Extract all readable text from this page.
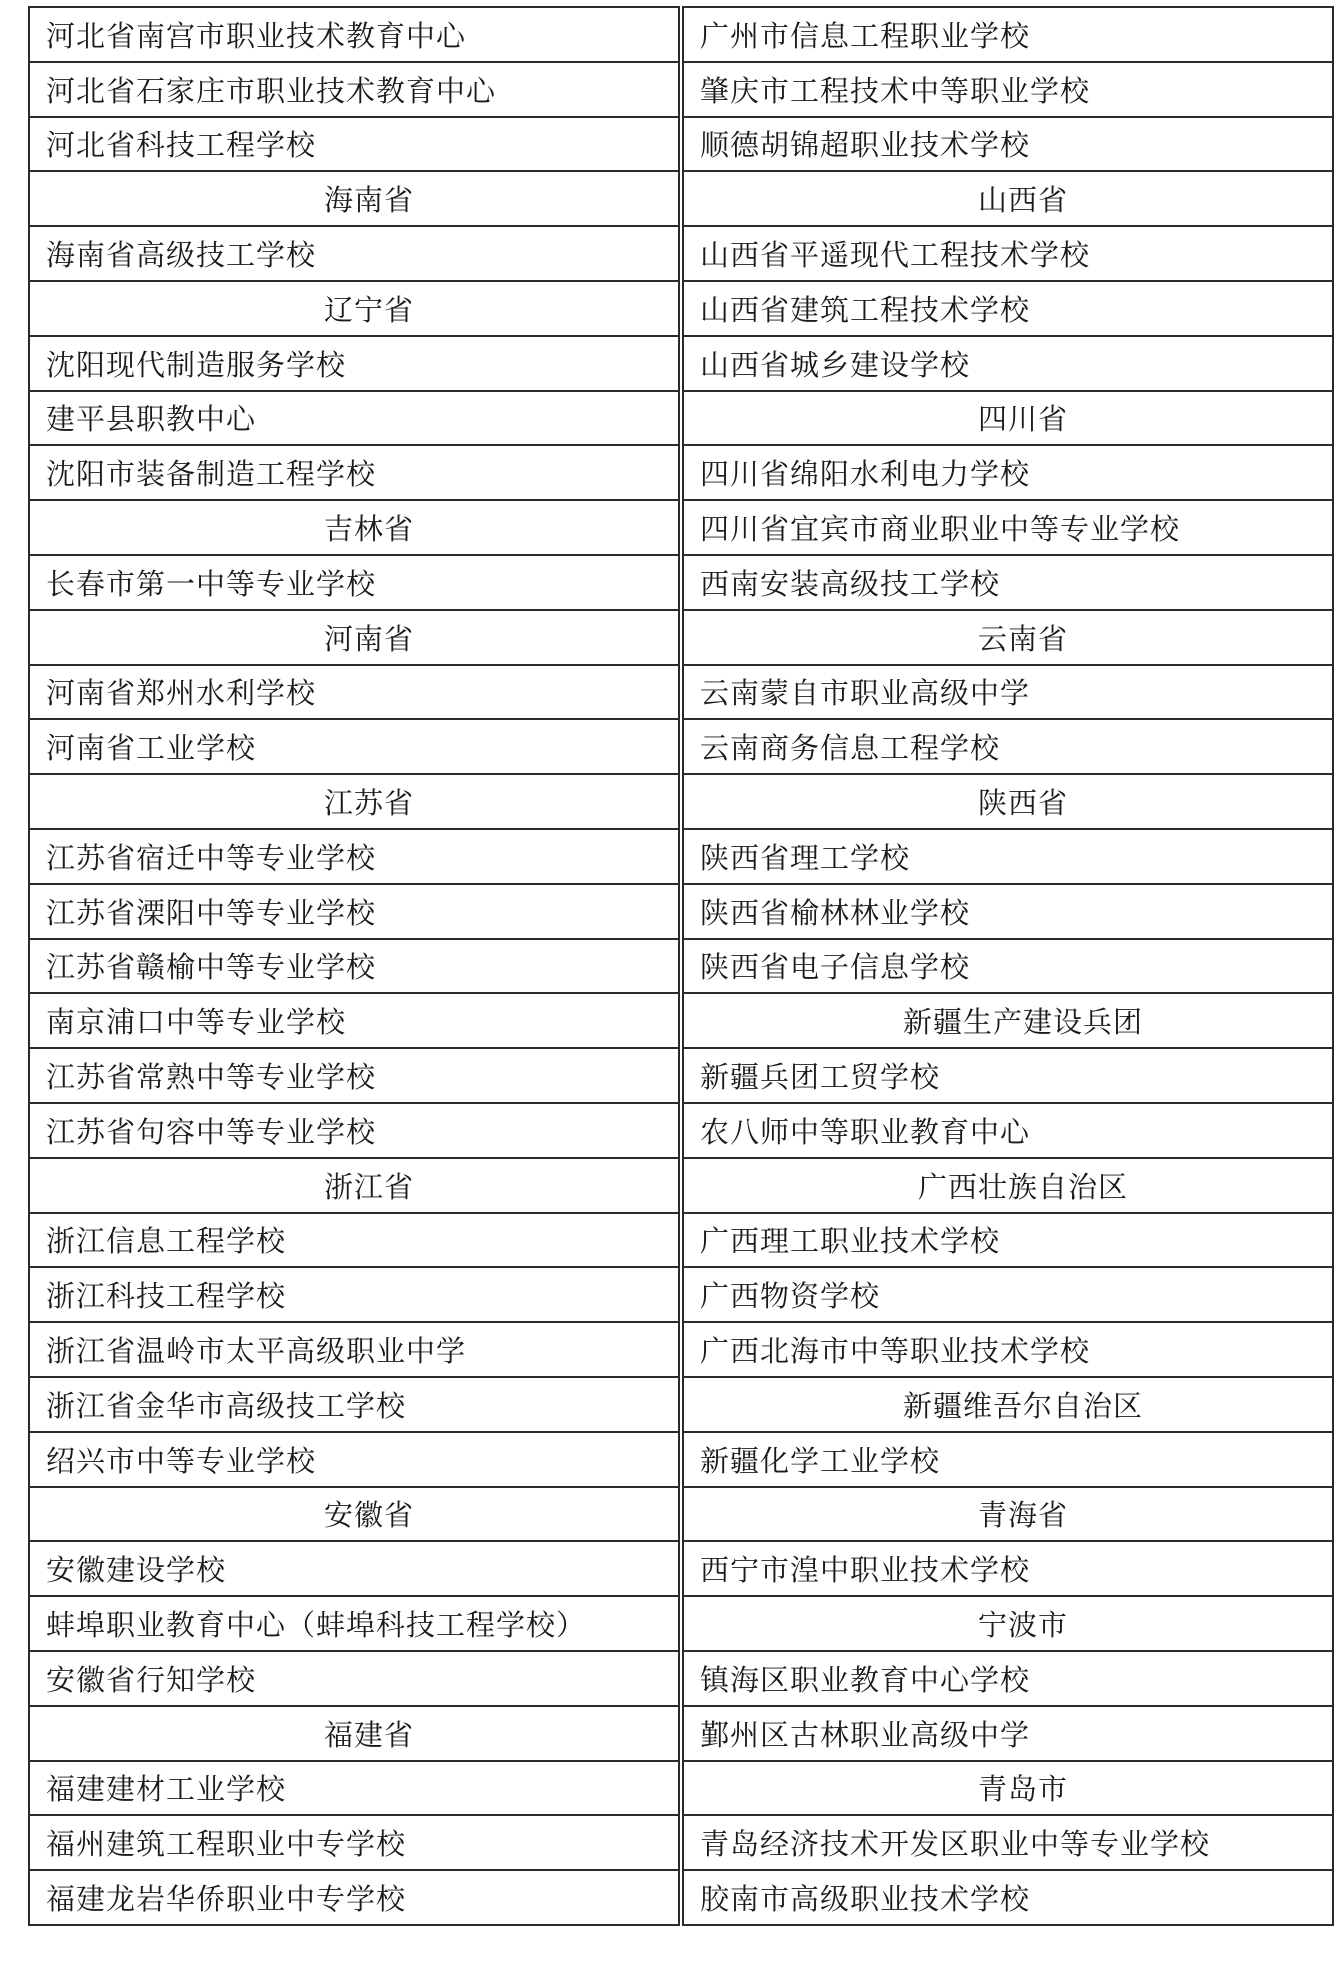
河北省南宫市职业技术教育中心
河北省石家庄市职业技术教育中心
河北省科技工程学校
海南省
海南省高级技工学校
辽宁省
沈阳现代制造服务学校
建平县职教中心
沈阳市装备制造工程学校
吉林省
长春市第一中等专业学校
河南省
河南省郑州水利学校
河南省工业学校
江苏省
江苏省宿迁中等专业学校
江苏省溧阳中等专业学校
江苏省赣榆中等专业学校
南京浦口中等专业学校
江苏省常熟中等专业学校
江苏省句容中等专业学校
浙江省
浙江信息工程学校
浙江科技工程学校
浙江省温岭市太平高级职业中学
浙江省金华市高级技工学校
绍兴市中等专业学校
安徽省
安徽建设学校
蚌埠职业教育中心（蚌埠科技工程学校）
安徽省行知学校
福建省
福建建材工业学校
福州建筑工程职业中专学校
福建龙岩华侨职业中专学校
广州市信息工程职业学校
肇庆市工程技术中等职业学校
顺德胡锦超职业技术学校
山西省
山西省平遥现代工程技术学校
山西省建筑工程技术学校
山西省城乡建设学校
四川省
四川省绵阳水利电力学校
四川省宜宾市商业职业中等专业学校
西南安装高级技工学校
云南省
云南蒙自市职业高级中学
云南商务信息工程学校
陕西省
陕西省理工学校
陕西省榆林林业学校
陕西省电子信息学校
新疆生产建设兵团
新疆兵团工贸学校
农八师中等职业教育中心
广西壮族自治区
广西理工职业技术学校
广西物资学校
广西北海市中等职业技术学校
新疆维吾尔自治区
新疆化学工业学校
青海省
西宁市湟中职业技术学校
宁波市
镇海区职业教育中心学校
鄞州区古林职业高级中学
青岛市
青岛经济技术开发区职业中等专业学校
胶南市高级职业技术学校
